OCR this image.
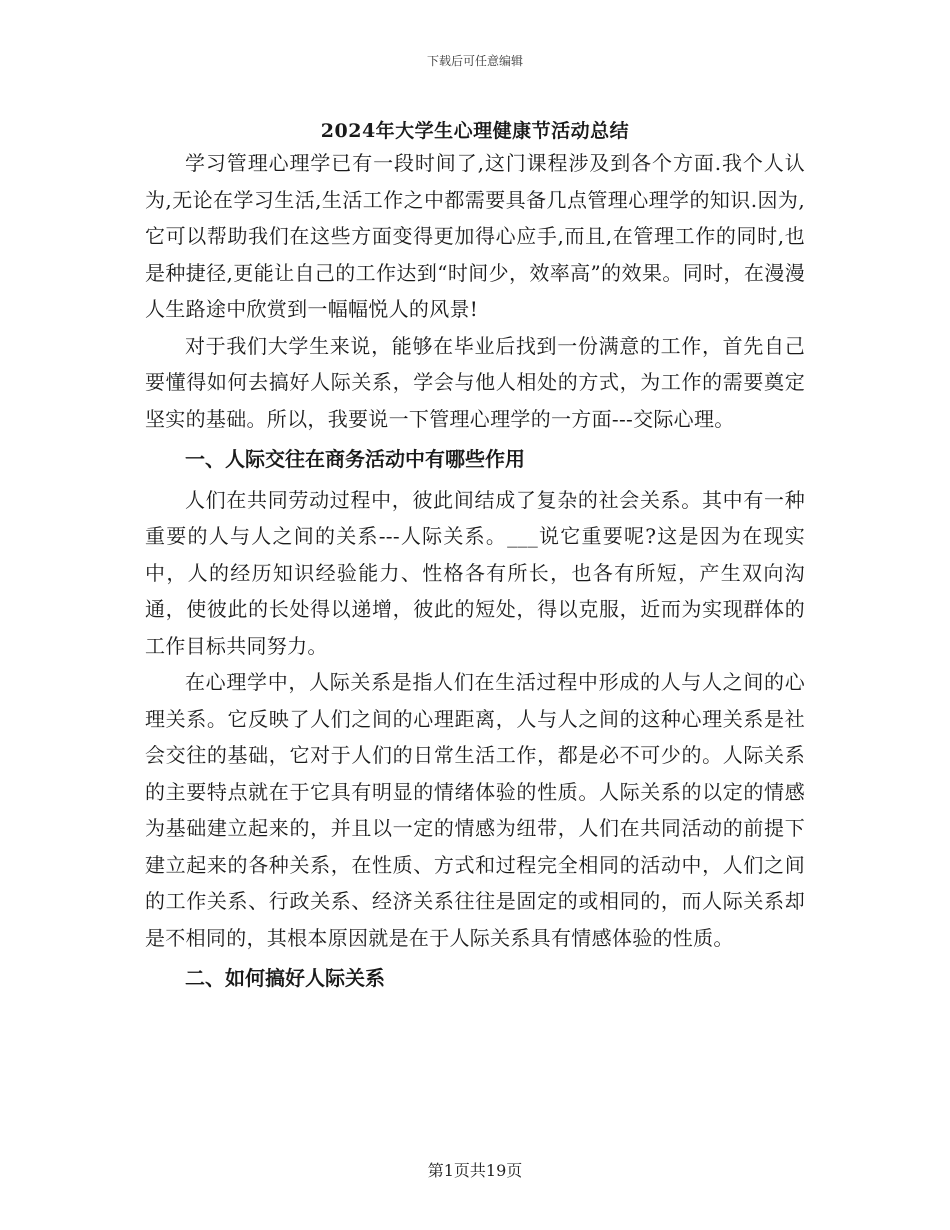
下载后可任意编辑
2024年大学生心理健康节活动总结

学习管理心理学已有一段时间了,这门课程涉及到各个方面.我个人认为,无论在学习生活,生活工作之中都需要具备几点管理心理学的知识.因为,它可以帮助我们在这些方面变得更加得心应手,而且,在管理工作的同时,也是种捷径,更能让自己的工作达到“时间少，效率高”的效果。同时，在漫漫人生路途中欣赏到一幅幅悦人的风景!

对于我们大学生来说，能够在毕业后找到一份满意的工作，首先自己要懂得如何去搞好人际关系，学会与他人相处的方式，为工作的需要奠定坚实的基础。所以，我要说一下管理心理学的一方面---交际心理。

一、人际交往在商务活动中有哪些作用

人们在共同劳动过程中，彼此间结成了复杂的社会关系。其中有一种重要的人与人之间的关系---人际关系。___说它重要呢?这是因为在现实中，人的经历知识经验能力、性格各有所长，也各有所短，产生双向沟通，使彼此的长处得以递增，彼此的短处，得以克服，近而为实现群体的工作目标共同努力。

在心理学中，人际关系是指人们在生活过程中形成的人与人之间的心理关系。它反映了人们之间的心理距离，人与人之间的这种心理关系是社会交往的基础，它对于人们的日常生活工作，都是必不可少的。人际关系的主要特点就在于它具有明显的情绪体验的性质。人际关系的以定的情感为基础建立起来的，并且以一定的情感为纽带，人们在共同活动的前提下建立起来的各种关系，在性质、方式和过程完全相同的活动中，人们之间的工作关系、行政关系、经济关系往往是固定的或相同的，而人际关系却是不相同的，其根本原因就是在于人际关系具有情感体验的性质。

二、如何搞好人际关系

第1页共19页
